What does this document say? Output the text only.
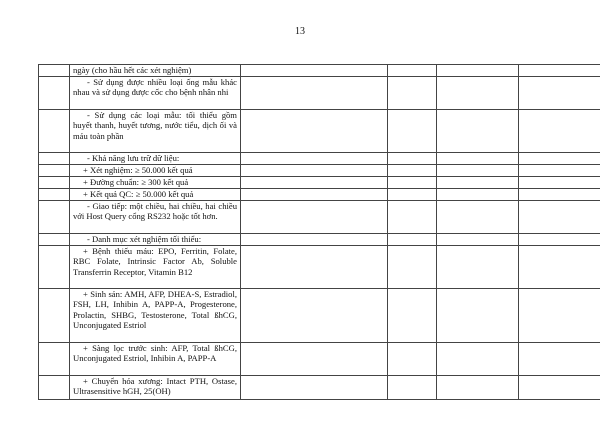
13
	ngày (cho hầu hết các xét nghiệm)				
	- Sử dụng được nhiều loại ống mẫu khác nhau và sử dụng được cốc cho bệnh nhân nhi				
	- Sử dụng các loại mẫu: tối thiểu gồm huyết thanh, huyết tương, nước tiểu, dịch ối và máu toàn phần				
	- Khả năng lưu trữ dữ liệu:				
	+ Xét nghiệm: ≥ 50.000 kết quả				
	+ Đường chuẩn: ≥ 300 kết quả				
	+ Kết quả QC: ≥ 50.000 kết quả				
	- Giao tiếp: một chiều, hai chiều, hai chiều với Host Query cổng RS232 hoặc tốt hơn.				
	- Danh mục xét nghiệm tối thiểu:				
	+ Bệnh thiếu máu: EPO, Ferritin, Folate, RBC Folate, Intrinsic Factor Ab, Soluble Transferrin Receptor, Vitamin B12				
	+ Sinh sản: AMH, AFP, DHEA-S, Estradiol, FSH, LH, Inhibin A, PAPP-A, Progesterone, Prolactin, SHBG, Testosterone, Total ßhCG, Unconjugated Estriol				
	+ Sàng lọc trước sinh: AFP, Total ßhCG, Unconjugated Estriol, Inhibin A, PAPP-A				
	+ Chuyển hóa xương: Intact PTH, Ostase, Ultrasensitive hGH, 25(OH)				
